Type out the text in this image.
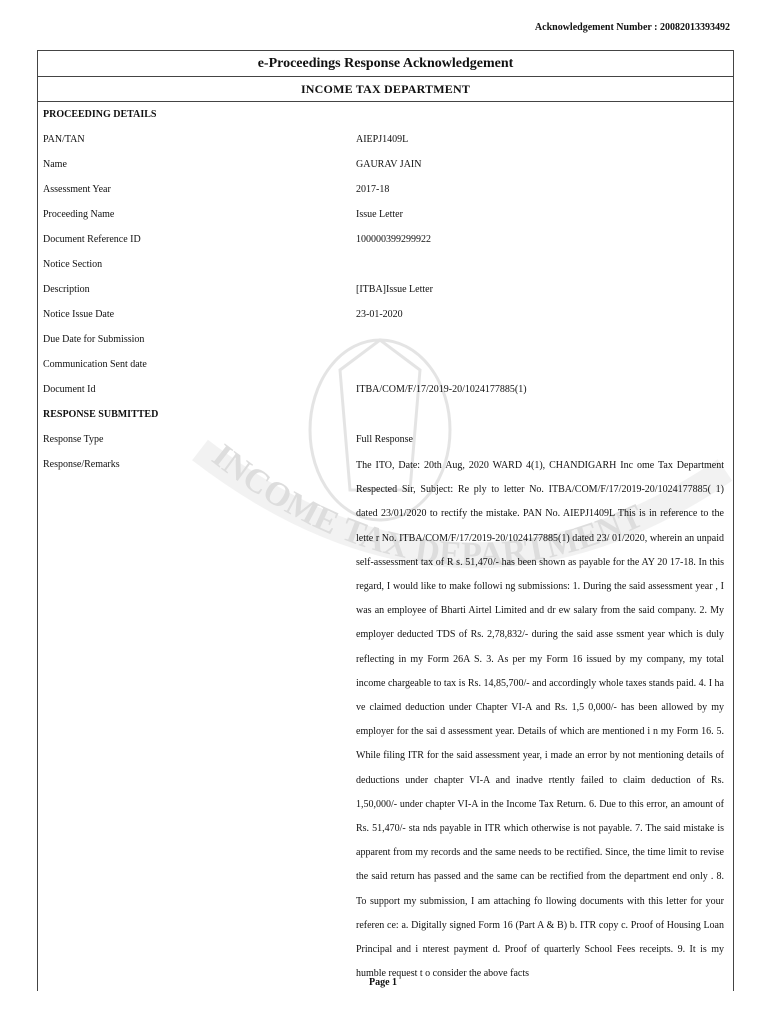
Acknowledgement Number : 20082013393492
INCOME TAX DEPARTMENT
e-Proceedings Response Acknowledgement
INCOME TAX DEPARTMENT
PROCEEDING DETAILS
PAN/TAN	AIEPJ1409L
Name	GAURAV JAIN
Assessment Year	2017-18
Proceeding Name	Issue Letter
Document Reference ID	100000399299922
Notice Section
Description	[ITBA]Issue Letter
Notice Issue Date	23-01-2020
Due Date for Submission
Communication Sent date
Document Id	ITBA/COM/F/17/2019-20/1024177885(1)
RESPONSE SUBMITTED
Response Type	Full Response
Response/Remarks	The ITO, Date: 20th Aug, 2020 WARD 4(1), CHANDIGARH Inc ome Tax Department Respected Sir, Subject: Re ply to letter No. ITBA/COM/F/17/2019-20/1024177885( 1) dated 23/01/2020 to rectify the mistake. PAN No. AIEPJ1409L This is in reference to the lette r No. ITBA/COM/F/17/2019-20/1024177885(1) dated 23/ 01/2020, wherein an unpaid self-assessment tax of R s. 51,470/- has been shown as payable for the AY 20 17-18. In this regard, I would like to make followi ng submissions: 1. During the said assessment year , I was an employee of Bharti Airtel Limited and dr ew salary from the said company. 2. My employer deducted TDS of Rs. 2,78,832/- during the said asse ssment year which is duly reflecting in my Form 26A S. 3. As per my Form 16 issued by my company, my total income chargeable to tax is Rs. 14,85,700/- and accordingly whole taxes stands paid. 4. I ha ve claimed deduction under Chapter VI-A and Rs. 1,5 0,000/- has been allowed by my employer for the sai d assessment year. Details of which are mentioned i n my Form 16. 5. While filing ITR for the said assessment year, i made an error by not mentioning details of deductions under chapter VI-A and inadve rtently failed to claim deduction of Rs. 1,50,000/- under chapter VI-A in the Income Tax Return. 6. Due to this error, an amount of Rs. 51,470/- sta nds payable in ITR which otherwise is not payable. 7. The said mistake is apparent from my records and the same needs to be rectified. Since, the time limit to revise the said return has passed and the same can be rectified from the department end only . 8. To support my submission, I am attaching fo llowing documents with this letter for your referen ce: a. Digitally signed Form 16 (Part A & B) b. ITR copy c. Proof of Housing Loan Principal and i nterest payment d. Proof of quarterly School Fees receipts. 9. It is my humble request t o consider the above facts
Page 1
